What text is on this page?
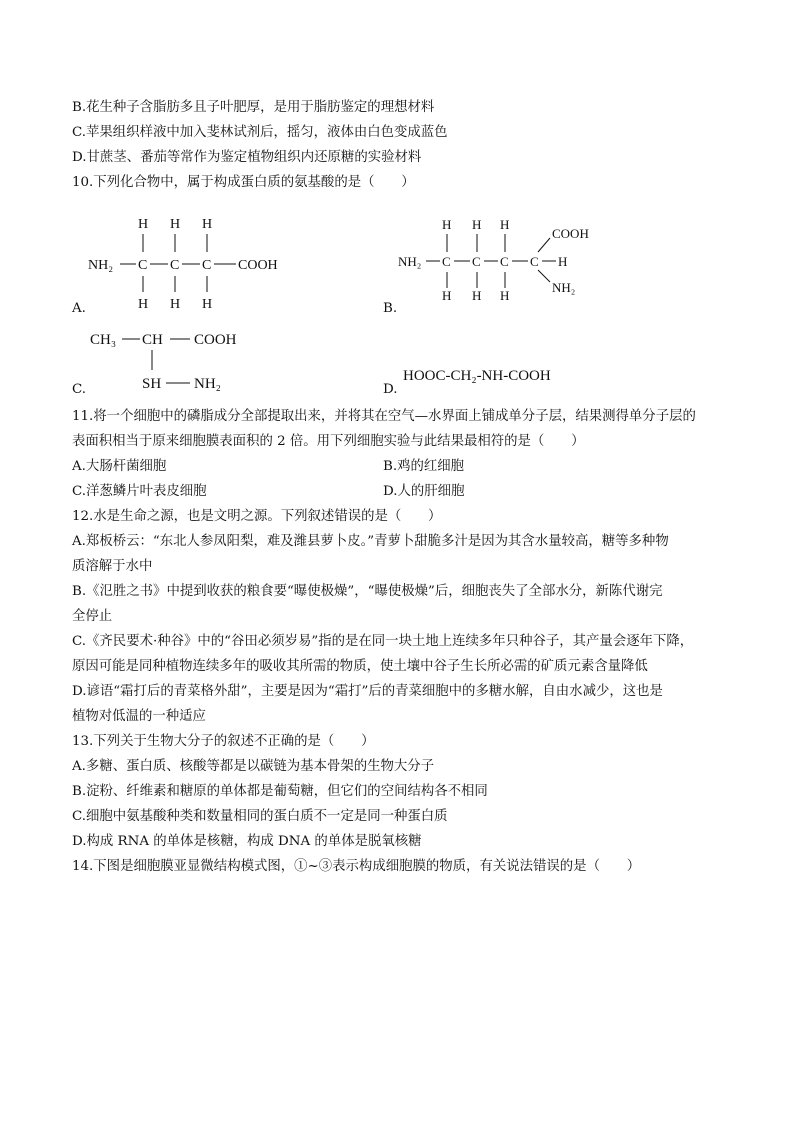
B.花生种子含脂肪多且子叶肥厚，是用于脂肪鉴定的理想材料
C.苹果组织样液中加入斐林试剂后，摇匀，液体由白色变成蓝色
D.甘蔗茎、番茄等常作为鉴定植物组织内还原糖的实验材料
10.下列化合物中，属于构成蛋白质的氨基酸的是（　　）
H H H
NH₂ C C C COOH
H H H
A.
H H H
COOH
NH₂ C C C C H
H H H
NH₂
B.
CH₃ CH COOH
SH NH₂
C.	D.
HOOC-CH₂-NH-COOH
11.将一个细胞中的磷脂成分全部提取出来，并将其在空气—水界面上铺成单分子层，结果测得单分子层的
表面积相当于原来细胞膜表面积的 2 倍。用下列细胞实验与此结果最相符的是（　　）
A.大肠杆菌细胞	B.鸡的红细胞
C.洋葱鳞片叶表皮细胞	D.人的肝细胞
12.水是生命之源，也是文明之源。下列叙述错误的是（　　）
A.郑板桥云：“东北人参凤阳梨，难及潍县萝卜皮。”青萝卜甜脆多汁是因为其含水量较高，糖等多种物
质溶解于水中
B.《氾胜之书》中提到收获的粮食要“曝使极燥”，“曝使极燥”后，细胞丧失了全部水分，新陈代谢完
全停止
C.《齐民要术·种谷》中的“谷田必须岁易”指的是在同一块土地上连续多年只种谷子，其产量会逐年下降，
原因可能是同种植物连续多年的吸收其所需的物质，使土壤中谷子生长所必需的矿质元素含量降低
D.谚语“霜打后的青菜格外甜”，主要是因为“霜打”后的青菜细胞中的多糖水解，自由水减少，这也是
植物对低温的一种适应
13.下列关于生物大分子的叙述不正确的是（　　）
A.多糖、蛋白质、核酸等都是以碳链为基本骨架的生物大分子
B.淀粉、纤维素和糖原的单体都是葡萄糖，但它们的空间结构各不相同
C.细胞中氨基酸种类和数量相同的蛋白质不一定是同一种蛋白质
D.构成 RNA 的单体是核糖，构成 DNA 的单体是脱氧核糖
14.下图是细胞膜亚显微结构模式图，①~③表示构成细胞膜的物质，有关说法错误的是（　　）
